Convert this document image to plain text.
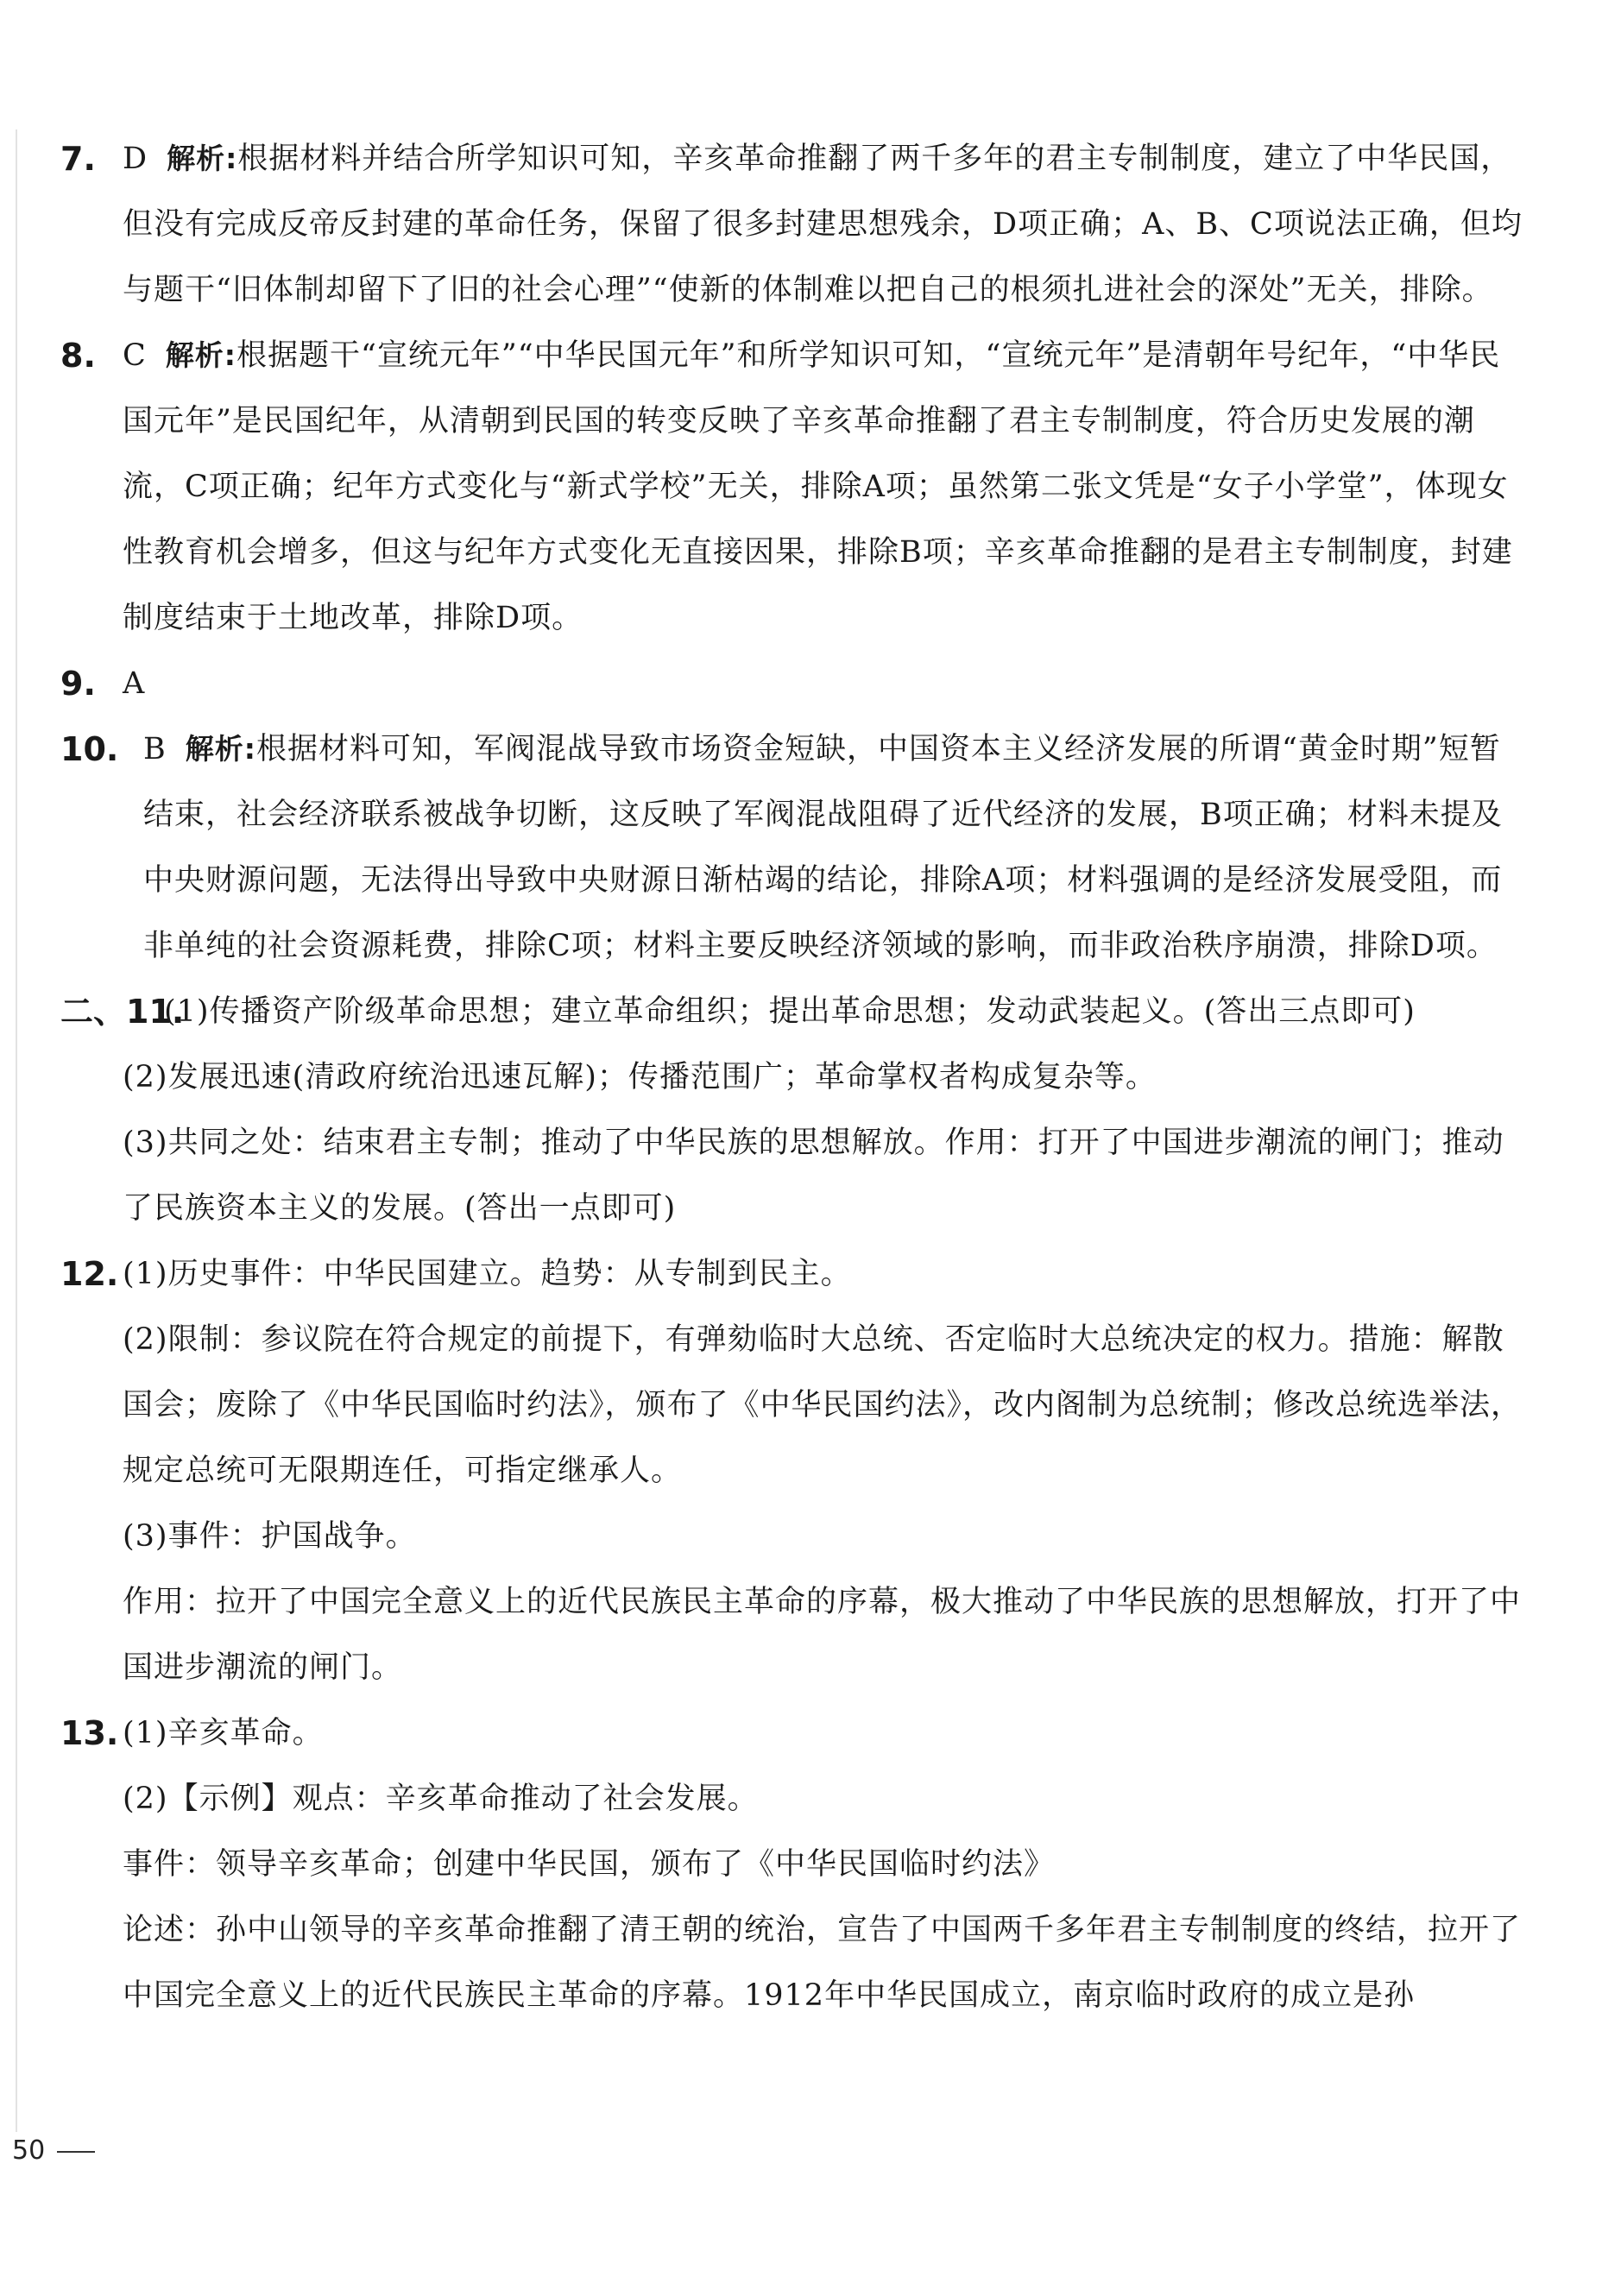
7. D 解析:根据材料并结合所学知识可知，辛亥革命推翻了两千多年的君主专制制度，建立了中华民国，但没有完成反帝反封建的革命任务，保留了很多封建思想残余，D项正确；A、B、C项说法正确，但均与题干“旧体制却留下了旧的社会心理”“使新的体制难以把自己的根须扎进社会的深处”无关，排除。
8. C 解析:根据题干“宣统元年”“中华民国元年”和所学知识可知，“宣统元年”是清朝年号纪年，“中华民国元年”是民国纪年，从清朝到民国的转变反映了辛亥革命推翻了君主专制制度，符合历史发展的潮流，C项正确；纪年方式变化与“新式学校”无关，排除A项；虽然第二张文凭是“女子小学堂”，体现女性教育机会增多，但这与纪年方式变化无直接因果，排除B项；辛亥革命推翻的是君主专制制度，封建制度结束于土地改革，排除D项。
9. A
10. B 解析:根据材料可知，军阀混战导致市场资金短缺，中国资本主义经济发展的所谓“黄金时期”短暂结束，社会经济联系被战争切断，这反映了军阀混战阻碍了近代经济的发展，B项正确；材料未提及中央财源问题，无法得出导致中央财源日渐枯竭的结论，排除A项；材料强调的是经济发展受阻，而非单纯的社会资源耗费，排除C项；材料主要反映经济领域的影响，而非政治秩序崩溃，排除D项。
二、11.
(1)传播资产阶级革命思想；建立革命组织；提出革命思想；发动武装起义。(答出三点即可)
(2)发展迅速(清政府统治迅速瓦解)；传播范围广；革命掌权者构成复杂等。
(3)共同之处：结束君主专制；推动了中华民族的思想解放。作用：打开了中国进步潮流的闸门；推动了民族资本主义的发展。(答出一点即可)
12. (1)历史事件：中华民国建立。趋势：从专制到民主。
(2)限制：参议院在符合规定的前提下，有弹劾临时大总统、否定临时大总统决定的权力。措施：解散国会；废除了《中华民国临时约法》，颁布了《中华民国约法》，改内阁制为总统制；修改总统选举法，规定总统可无限期连任，可指定继承人。
(3)事件：护国战争。
作用：拉开了中国完全意义上的近代民族民主革命的序幕，极大推动了中华民族的思想解放，打开了中国进步潮流的闸门。
13. (1)辛亥革命。
(2)【示例】观点：辛亥革命推动了社会发展。
事件：领导辛亥革命；创建中华民国，颁布了《中华民国临时约法》
论述：孙中山领导的辛亥革命推翻了清王朝的统治，宣告了中国两千多年君主专制制度的终结，拉开了中国完全意义上的近代民族民主革命的序幕。1912年中华民国成立，南京临时政府的成立是孙
50
